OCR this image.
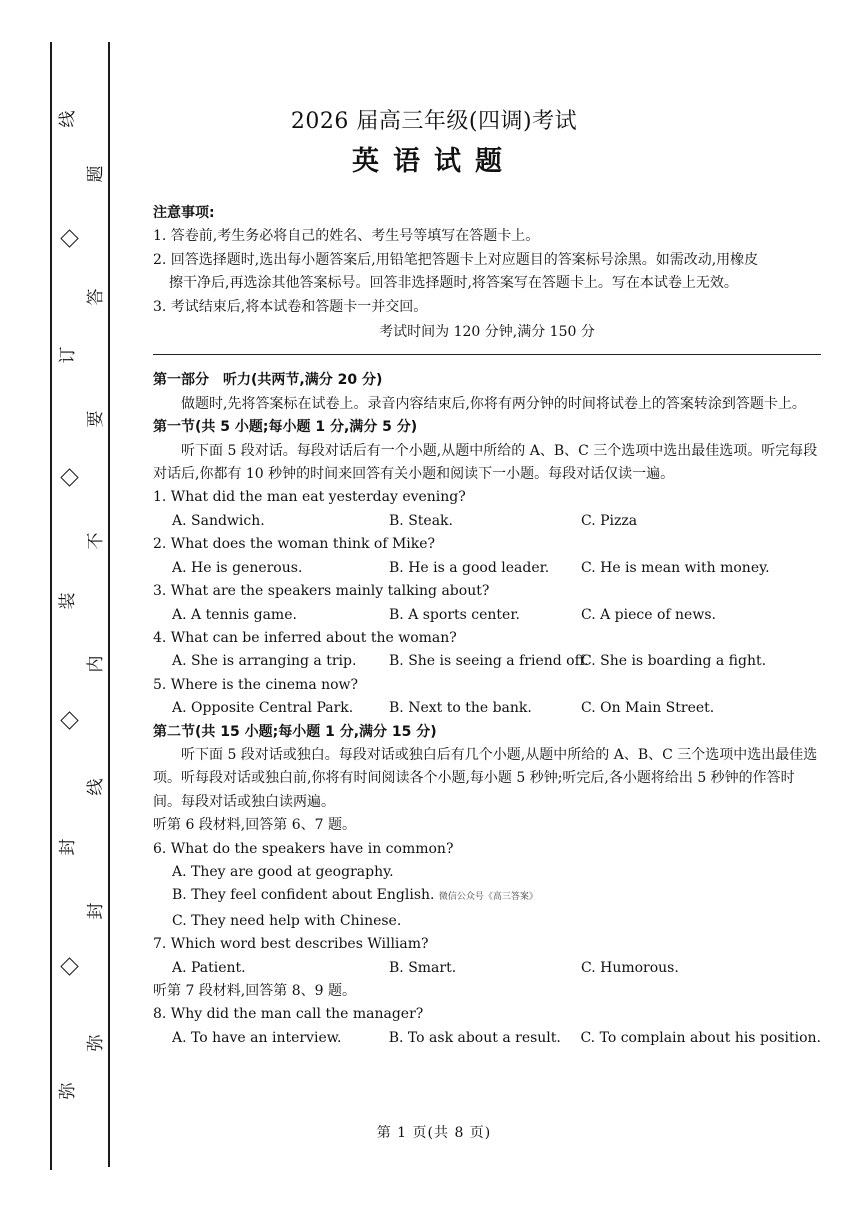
线
订
装
封
弥
题
答
要
不
内
线
封
弥
2026 届高三年级(四调)考试
英语试题
注意事项:
1. 答卷前,考生务必将自己的姓名、考生号等填写在答题卡上。
2. 回答选择题时,选出每小题答案后,用铅笔把答题卡上对应题目的答案标号涂黑。如需改动,用橡皮
擦干净后,再选涂其他答案标号。回答非选择题时,将答案写在答题卡上。写在本试卷上无效。
3. 考试结束后,将本试卷和答题卡一并交回。
考试时间为 120 分钟,满分 150 分
第一部分　听力(共两节,满分 20 分)
做题时,先将答案标在试卷上。录音内容结束后,你将有两分钟的时间将试卷上的答案转涂到答题卡上。
第一节(共 5 小题;每小题 1 分,满分 5 分)
听下面 5 段对话。每段对话后有一个小题,从题中所给的 A、B、C 三个选项中选出最佳选项。听完每段对话后,你都有 10 秒钟的时间来回答有关小题和阅读下一小题。每段对话仅读一遍。
1. What did the man eat yesterday evening?
A. Sandwich.	B. Steak.	C. Pizza
2. What does the woman think of Mike?
A. He is generous.	B. He is a good leader.	C. He is mean with money.
3. What are the speakers mainly talking about?
A. A tennis game.	B. A sports center.	C. A piece of news.
4. What can be inferred about the woman?
A. She is arranging a trip.	B. She is seeing a friend off.
C. She is boarding a fight.
5. Where is the cinema now?
A. Opposite Central Park.	B. Next to the bank.	C. On Main Street.
第二节(共 15 小题;每小题 1 分,满分 15 分)
听下面 5 段对话或独白。每段对话或独白后有几个小题,从题中所给的 A、B、C 三个选项中选出最佳选项。听每段对话或独白前,你将有时间阅读各个小题,每小题 5 秒钟;听完后,各小题将给出 5 秒钟的作答时间。每段对话或独白读两遍。
听第 6 段材料,回答第 6、7 题。
6. What do the speakers have in common?
A. They are good at geography.
B. They feel confident about English. 微信公众号《高三答案》
C. They need help with Chinese.
7. Which word best describes William?
A. Patient.	B. Smart.	C. Humorous.
听第 7 段材料,回答第 8、9 题。
8. Why did the man call the manager?
A. To have an interview.	B. To ask about a result.	C. To complain about his position.
第 1 页(共 8 页)
